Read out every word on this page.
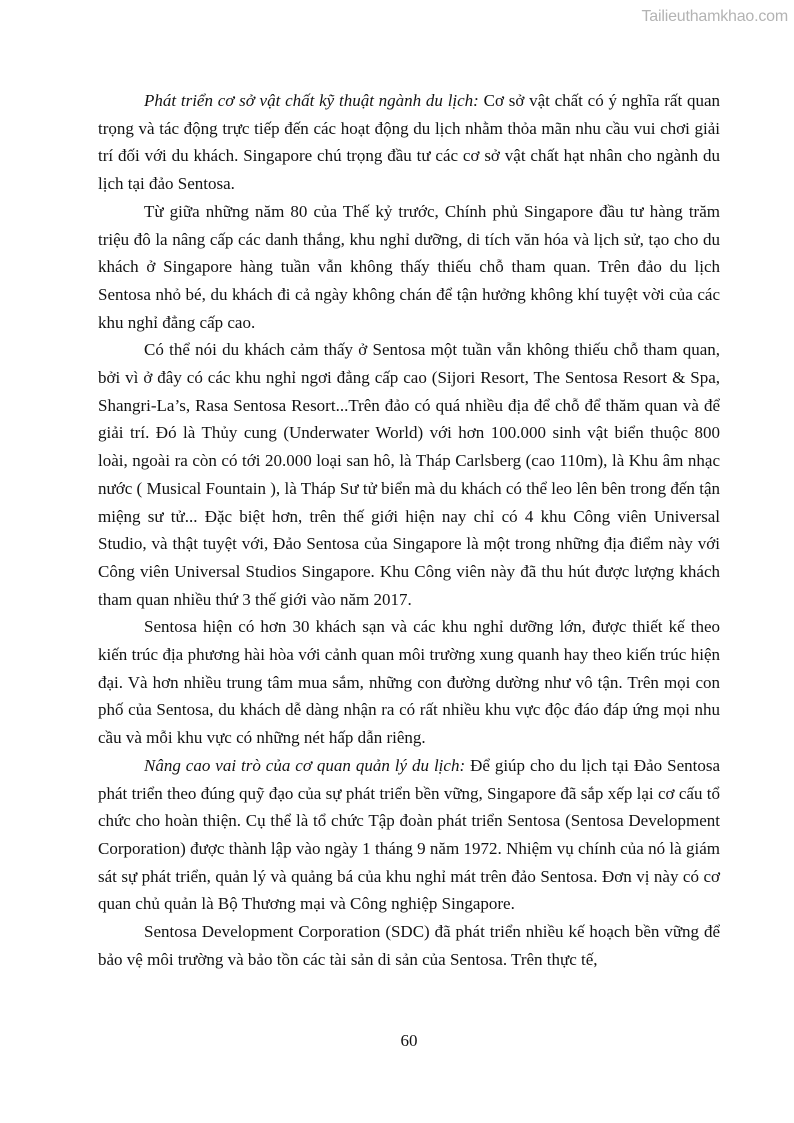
Tailieuthamkhao.com

Phát triển cơ sở vật chất kỹ thuật ngành du lịch: Cơ sở vật chất có ý nghĩa rất quan trọng và tác động trực tiếp đến các hoạt động du lịch nhằm thỏa mãn nhu cầu vui chơi giải trí đối với du khách. Singapore chú trọng đầu tư các cơ sở vật chất hạt nhân cho ngành du lịch tại đảo Sentosa.

Từ giữa những năm 80 của Thế kỷ trước, Chính phủ Singapore đầu tư hàng trăm triệu đô la nâng cấp các danh thắng, khu nghỉ dưỡng, di tích văn hóa và lịch sử, tạo cho du khách ở Singapore hàng tuần vẫn không thấy thiếu chỗ tham quan. Trên đảo du lịch Sentosa nhỏ bé, du khách đi cả ngày không chán để tận hưởng không khí tuyệt vời của các khu nghỉ đẳng cấp cao.

Có thể nói du khách cảm thấy ở Sentosa một tuần vẫn không thiếu chỗ tham quan, bởi vì ở đây có các khu nghỉ ngơi đẳng cấp cao (Sijori Resort, The Sentosa Resort & Spa, Shangri-La’s, Rasa Sentosa Resort...Trên đảo có quá nhiều địa để chỗ để thăm quan và để giải trí. Đó là Thủy cung (Underwater World) với hơn 100.000 sinh vật biển thuộc 800 loài, ngoài ra còn có tới 20.000 loại san hô, là Tháp Carlsberg (cao 110m), là Khu âm nhạc nước ( Musical Fountain ), là Tháp Sư tử biển mà du khách có thể leo lên bên trong đến tận miệng sư tử... Đặc biệt hơn, trên thế giới hiện nay chỉ có 4 khu Công viên Universal Studio, và thật tuyệt với, Đảo Sentosa của Singapore là một trong những địa điểm này với Công viên Universal Studios Singapore. Khu Công viên này đã thu hút được lượng khách tham quan nhiều thứ 3 thế giới vào năm 2017.

Sentosa hiện có hơn 30 khách sạn và các khu nghỉ dưỡng lớn, được thiết kế theo kiến trúc địa phương hài hòa với cảnh quan môi trường xung quanh hay theo kiến trúc hiện đại. Và hơn nhiều trung tâm mua sắm, những con đường dường như vô tận. Trên mọi con phố của Sentosa, du khách dễ dàng nhận ra có rất nhiều khu vực độc đáo đáp ứng mọi nhu cầu và mỗi khu vực có những nét hấp dẫn riêng.

Nâng cao vai trò của cơ quan quản lý du lịch: Để giúp cho du lịch tại Đảo Sentosa phát triển theo đúng quỹ đạo của sự phát triển bền vững, Singapore đã sắp xếp lại cơ cấu tổ chức cho hoàn thiện. Cụ thể là tổ chức Tập đoàn phát triển Sentosa (Sentosa Development Corporation) được thành lập vào ngày 1 tháng 9 năm 1972. Nhiệm vụ chính của nó là giám sát sự phát triển, quản lý và quảng bá của khu nghỉ mát trên đảo Sentosa. Đơn vị này có cơ quan chủ quản là Bộ Thương mại và Công nghiệp Singapore.

Sentosa Development Corporation (SDC) đã phát triển nhiều kế hoạch bền vững để bảo vệ môi trường và bảo tồn các tài sản di sản của Sentosa. Trên thực tế,

60
